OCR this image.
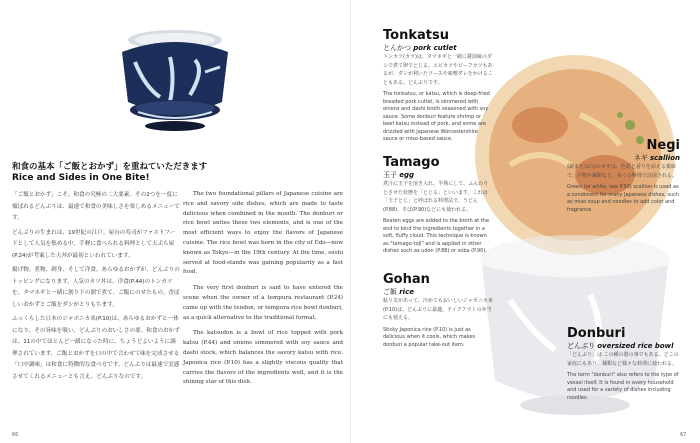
和食の基本「ご飯とおかず」を重ねていただきます
Rice and Sides in One Bite!

「ご飯とおかず」こそ、和食の究極の二大要素。その2つを一度に頬ばれるどんぶりは、最速で和食の美味しさを楽しめるメニューです。

どんぶりの生まれは、19世紀の江戸。屋台の寿司がファストフードとして人気を集める中、手軽に食べられる料理として天ぷら屋(P.24)が考案した天丼が最初といわれています。

揚げ物、煮物、刺身、そして洋食。あらゆるおかずが、どんぶりのトッピングになります。人気のカツ丼は、洋食(P.44)のトンカツを、タマネギと一緒に割り下の溜で煮て、ご飯にのせたもの。香ばしいおかずとご飯をダシがとりもちます。

ふっくらした日本のジャポニカ米(P.10)は、あらゆるおかずと一体になり、その旨味を吸い、どんぶりのおいしさの要。和食のおかずは、11の中でほとんど一緒になった時に、ちょうどよいように調理されています。ご飯とおかずを口の中で合わせて味を完成させる「口中調味」は和食に特徴的な食べ方です。どんぶりは最速で実感させてくれるメニューとも言え、どんぶりなのです。

The two foundational pillars of Japanese cuisine are rice and savory side dishes, which are made to taste delicious when combined in the mouth. The donburi or rice bowl unites these two elements, and is one of the most efficient ways to enjoy the flavors of Japanese cuisine. The rice bowl was born in the city of Edo—now known as Tokyo—in the 19th century. At the time, sushi served at food-stands was gaining popularity as a fast food.

The very first donburi is said to have entered the scene when the owner of a tempura restaurant (P.24) came up with the tendon, or tempura rice bowl donburi, as a quick alternative to the traditional format.

The katsudon is a bowl of rice topped with pork katsu (P.44) and onions simmered with soy sauce and dashi stock, which balances the savory katsu with rice. Japonica rice (P.10) has a slightly viscous quality that carries the flavors of the ingredients well, and it is the shining star of this dish.

66
Tonkatsu
とんかつ pork cutlet
トンカツ(カツ)は、タマネギと一緒に醤油味のダシで煮て卵でとじる。エビカツやビーフカツもあるが、ダシが利いたソースや味噌ダレをかけることもある。どんぶりです。
The tonkatsu, or katsu, which is deep-fried breaded pork cutlet, is simmered with onions and dashi broth seasoned with soy sauce. Some donburi feature shrimp or beef katsu instead of pork, and some are drizzled with Japanese Worcestershire sauce or miso-based sauce.	Negi
ネギ scallion
緑(または白)のネギは、色彩と香りを添える薬味で、汁物や麺類など、多くの料理で活用される。
Green (or white, see P.50) scallion is used as a condiment for many Japanese dishes, such as miso soup and noodles to add color and fragrance.
Tamago
玉子 egg
煮汁に玉子を溶き入れ、半熟にして、ふんわりとさせた状態を「とじる」といいます。これは「玉子とじ」と呼ばれる料理法で、うどん(P.88)、そば(P.90)などにも使われる。
Beaten eggs are added to the broth at the end to bind the ingredients together in a soft, fluffy cloud. This technique is known as "tamago-toji" and is applied in other dishes such as udon (P.88) or soba (P.90).
Gohan
ご飯 rice
粘り気があって、冷めてもおいしいジャポニカ米(P.10)は、どんぶりに最適。テイクアウトの弁当にも使える。
Sticky Japonica rice (P.10) is just as delicious when it cools, which makes donburi a popular take-out item.
Donburi
どんぶり oversized rice bowl
「どんぶり」は この種の器の事でもある。どこの家庭にもあり、麺類など様々な料理に使われる。
The term "donburi" also refers to the type of vessel itself. It is found in every household and used for a variety of dishes including noodles.
67
